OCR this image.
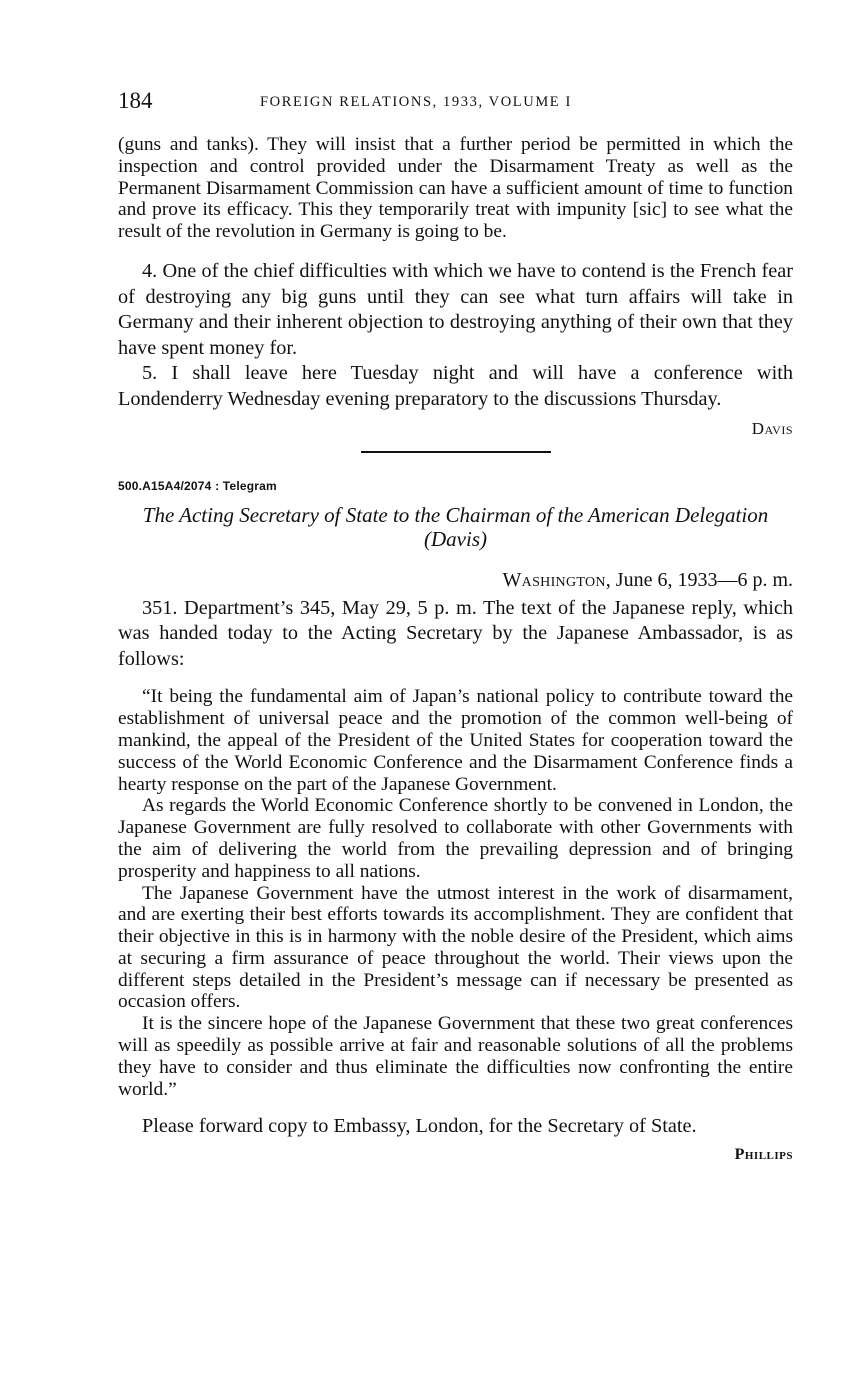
184	FOREIGN RELATIONS, 1933, VOLUME I

(guns and tanks). They will insist that a further period be permitted in which the inspection and control provided under the Disarmament Treaty as well as the Permanent Disarmament Commission can have a sufficient amount of time to function and prove its efficacy. This they temporarily treat with impunity [sic] to see what the result of the revolution in Germany is going to be.

4. One of the chief difficulties with which we have to contend is the French fear of destroying any big guns until they can see what turn affairs will take in Germany and their inherent objection to destroying anything of their own that they have spent money for.

5. I shall leave here Tuesday night and will have a conference with Londenderry Wednesday evening preparatory to the discussions Thursday.

Davis
500.A15A4/2074 : Telegram
The Acting Secretary of State to the Chairman of the American Delegation (Davis)
Washington, June 6, 1933—6 p. m.

351. Department’s 345, May 29, 5 p. m. The text of the Japanese reply, which was handed today to the Acting Secretary by the Japanese Ambassador, is as follows:

“It being the fundamental aim of Japan’s national policy to contribute toward the establishment of universal peace and the promotion of the common well-being of mankind, the appeal of the President of the United States for cooperation toward the success of the World Economic Conference and the Disarmament Conference finds a hearty response on the part of the Japanese Government.

As regards the World Economic Conference shortly to be convened in London, the Japanese Government are fully resolved to collaborate with other Governments with the aim of delivering the world from the prevailing depression and of bringing prosperity and happiness to all nations.

The Japanese Government have the utmost interest in the work of disarmament, and are exerting their best efforts towards its accomplishment. They are confident that their objective in this is in harmony with the noble desire of the President, which aims at securing a firm assurance of peace throughout the world. Their views upon the different steps detailed in the President’s message can if necessary be presented as occasion offers.

It is the sincere hope of the Japanese Government that these two great conferences will as speedily as possible arrive at fair and reasonable solutions of all the problems they have to consider and thus eliminate the difficulties now confronting the entire world.”

Please forward copy to Embassy, London, for the Secretary of State.

Phillips
